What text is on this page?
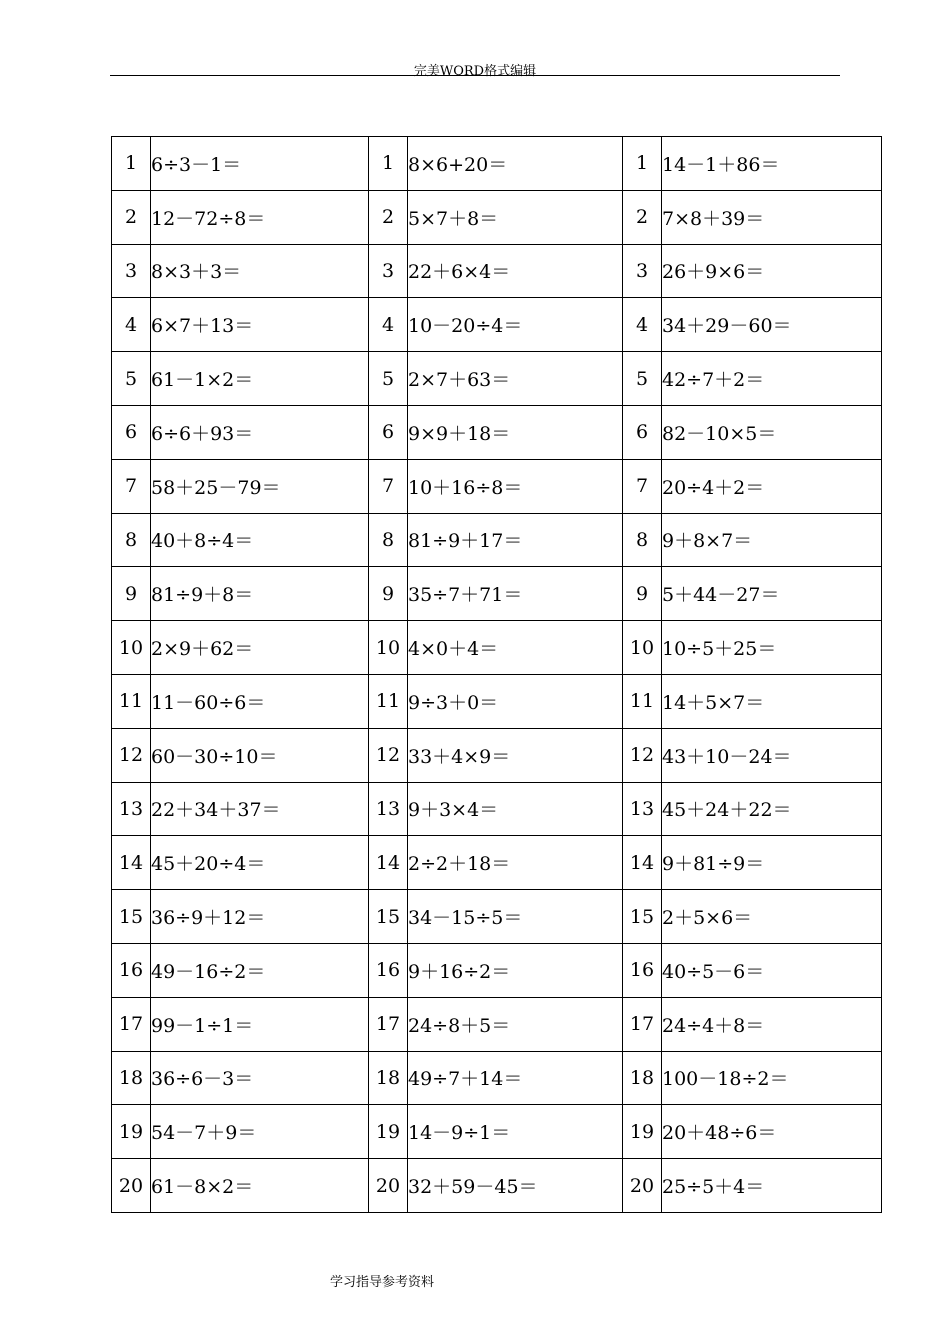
完美WORD格式编辑
1	6÷3－1＝	1	8×6+20＝	1	14－1＋86＝
2	12－72÷8＝	2	5×7＋8＝	2	7×8＋39＝
3	8×3＋3＝	3	22＋6×4＝	3	26＋9×6＝
4	6×7＋13＝	4	10－20÷4＝	4	34＋29－60＝
5	61－1×2＝	5	2×7＋63＝	5	42÷7＋2＝
6	6÷6＋93＝	6	9×9＋18＝	6	82－10×5＝
7	58＋25－79＝	7	10＋16÷8＝	7	20÷4＋2＝
8	40＋8÷4＝	8	81÷9＋17＝	8	9＋8×7＝
9	81÷9＋8＝	9	35÷7＋71＝	9	5＋44－27＝
10	2×9＋62＝	10	4×0＋4＝	10	10÷5＋25＝
11	11－60÷6＝	11	9÷3＋0＝	11	14＋5×7＝
12	60－30÷10＝	12	33＋4×9＝	12	43＋10－24＝
13	22＋34＋37＝	13	9＋3×4＝	13	45＋24＋22＝
14	45＋20÷4＝	14	2÷2＋18＝	14	9＋81÷9＝
15	36÷9＋12＝	15	34－15÷5＝	15	2＋5×6＝
16	49－16÷2＝	16	9＋16÷2＝	16	40÷5－6＝
17	99－1÷1＝	17	24÷8＋5＝	17	24÷4＋8＝
18	36÷6－3＝	18	49÷7＋14＝	18	100－18÷2＝
19	54－7＋9＝	19	14－9÷1＝	19	20＋48÷6＝
20	61－8×2＝	20	32＋59－45＝	20	25÷5＋4＝
学习指导参考资料
